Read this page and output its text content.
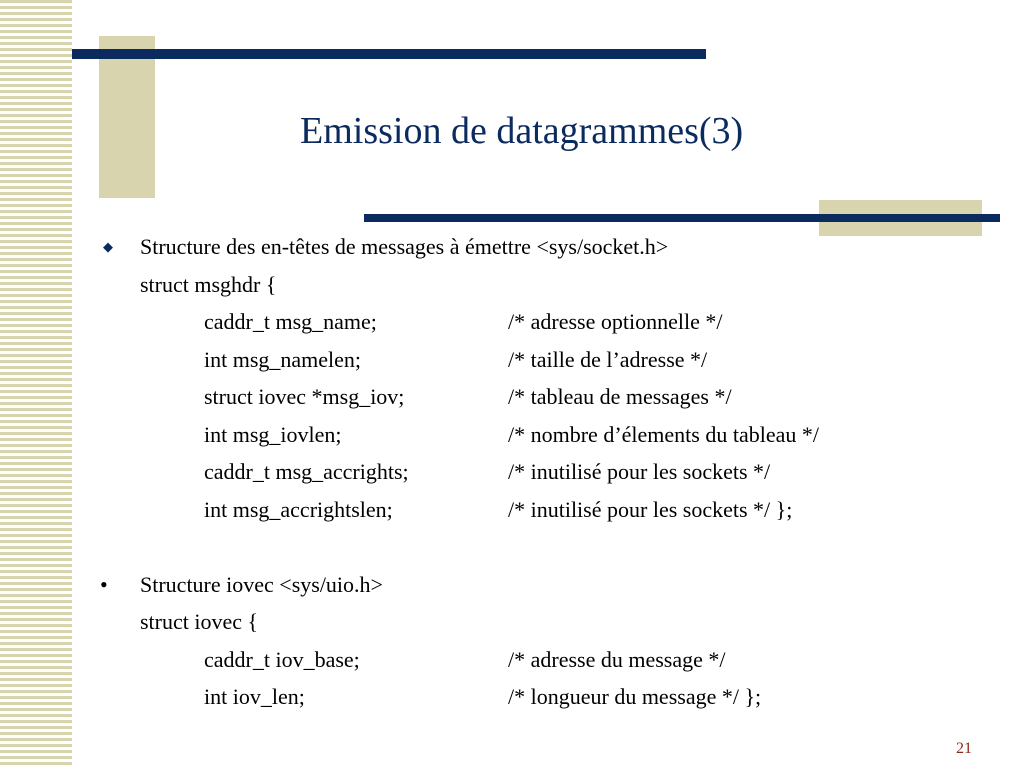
Emission de datagrammes(3)
◆ Structure des en-têtes de messages à émettre <sys/socket.h>
struct msghdr {
caddr_t msg_name;	/* adresse optionnelle */
int msg_namelen;	/* taille de l’adresse */
struct iovec *msg_iov;	/* tableau de messages */
int msg_iovlen;	/* nombre d’élements du tableau */
caddr_t msg_accrights;	/* inutilisé pour les sockets */
int msg_accrightslen;	/* inutilisé pour les sockets */ };
• Structure iovec <sys/uio.h>
struct iovec {
caddr_t iov_base;	/* adresse du message */
int iov_len;	/* longueur du message */ };
21
